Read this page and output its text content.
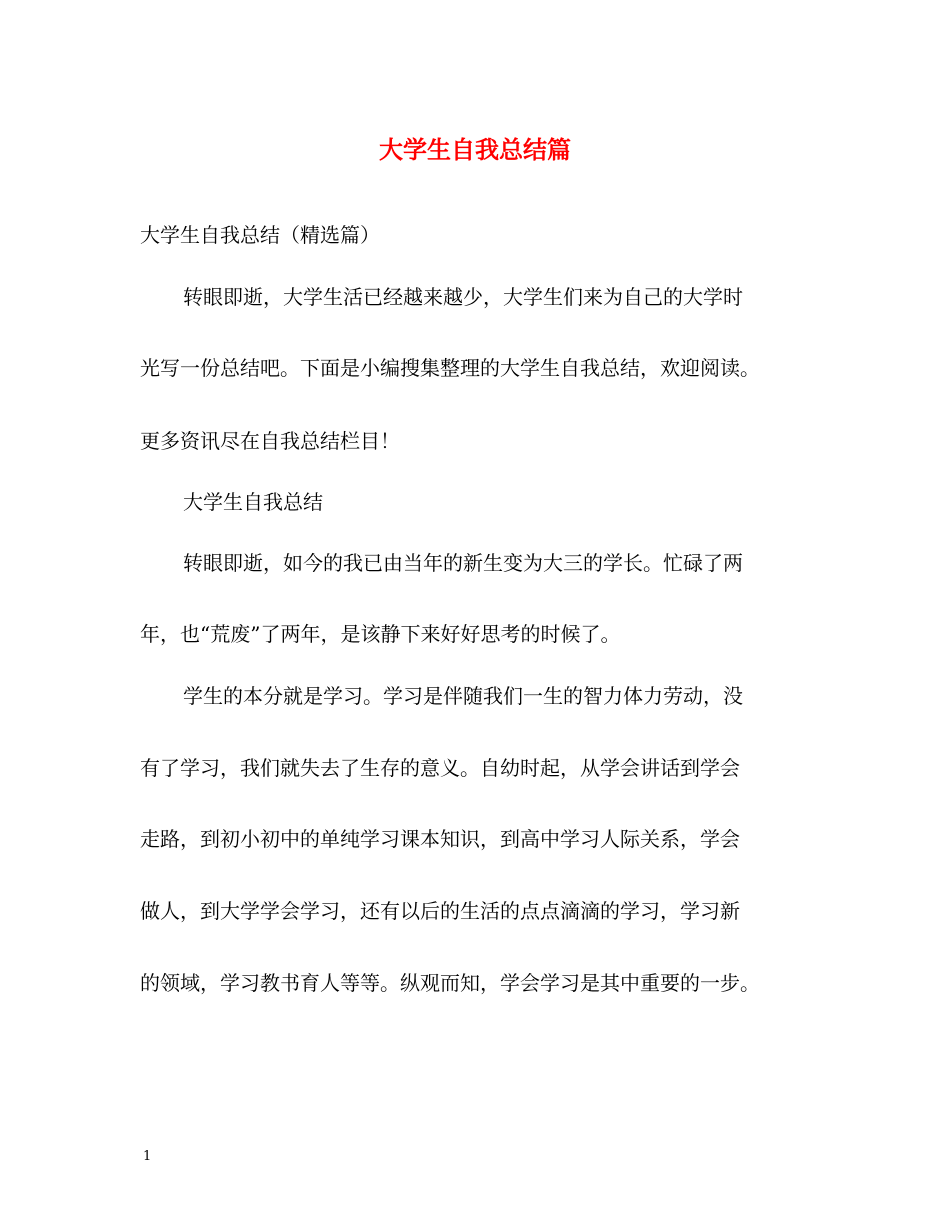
大学生自我总结篇
大学生自我总结（精选篇）
转眼即逝，大学生活已经越来越少，大学生们来为自己的大学时
光写一份总结吧。下面是小编搜集整理的大学生自我总结，欢迎阅读。
更多资讯尽在自我总结栏目！
大学生自我总结
转眼即逝，如今的我已由当年的新生变为大三的学长。忙碌了两
年，也“荒废”了两年，是该静下来好好思考的时候了。
学生的本分就是学习。学习是伴随我们一生的智力体力劳动，没
有了学习，我们就失去了生存的意义。自幼时起，从学会讲话到学会
走路，到初小初中的单纯学习课本知识，到高中学习人际关系，学会
做人，到大学学会学习，还有以后的生活的点点滴滴的学习，学习新
的领域，学习教书育人等等。纵观而知，学会学习是其中重要的一步。
1
